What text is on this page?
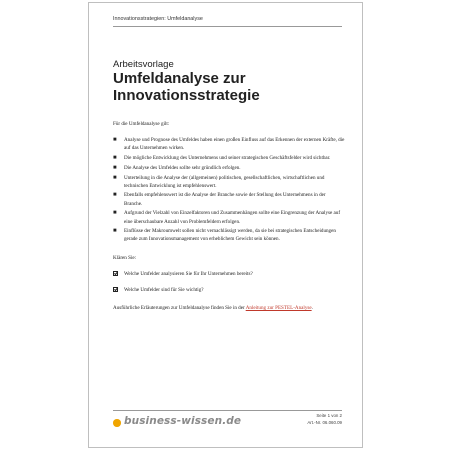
Innovationsstrategien: Umfeldanalyse
Arbeitsvorlage
Umfeldanalyse zur
Innovationsstrategie

Für die Umfeldanalyse gilt:

■ Analyse und Prognose des Umfeldes haben einen großen Einfluss auf das Erkennen der externen Kräfte, die auf das Unternehmen wirken.
■ Die mögliche Entwicklung des Unternehmens und seiner strategischen Geschäftsfelder wird sichtbar.
■ Die Analyse des Umfeldes sollte sehr gründlich erfolgen.
■ Unterteilung in die Analyse der (allgemeinen) politischen, gesellschaftlichen, wirtschaftlichen und technischen Entwicklung ist empfehlenswert.
■ Ebenfalls empfehlenswert ist die Analyse der Branche sowie der Stellung des Unternehmens in der Branche.
■ Aufgrund der Vielzahl von Einzelfaktoren und Zusammenhängen sollte eine Eingrenzung der Analyse auf eine überschaubare Anzahl von Problemfeldern erfolgen.
■ Einflüsse der Makroumwelt sollen nicht vernachlässigt werden, da sie bei strategischen Entscheidungen gerade zum Innovationsmanagement von erheblichem Gewicht sein können.

Klären Sie:

Welche Umfelder analysieren Sie für Ihr Unternehmen bereits?
Welche Umfelder sind für Sie wichtig?

Ausführliche Erläuterungen zur Umfeldanalyse finden Sie in der Anleitung zur PESTEL-Analyse.

business-wissen.de	Seite 1 von 2
Art.-Nr. 06.060.09
